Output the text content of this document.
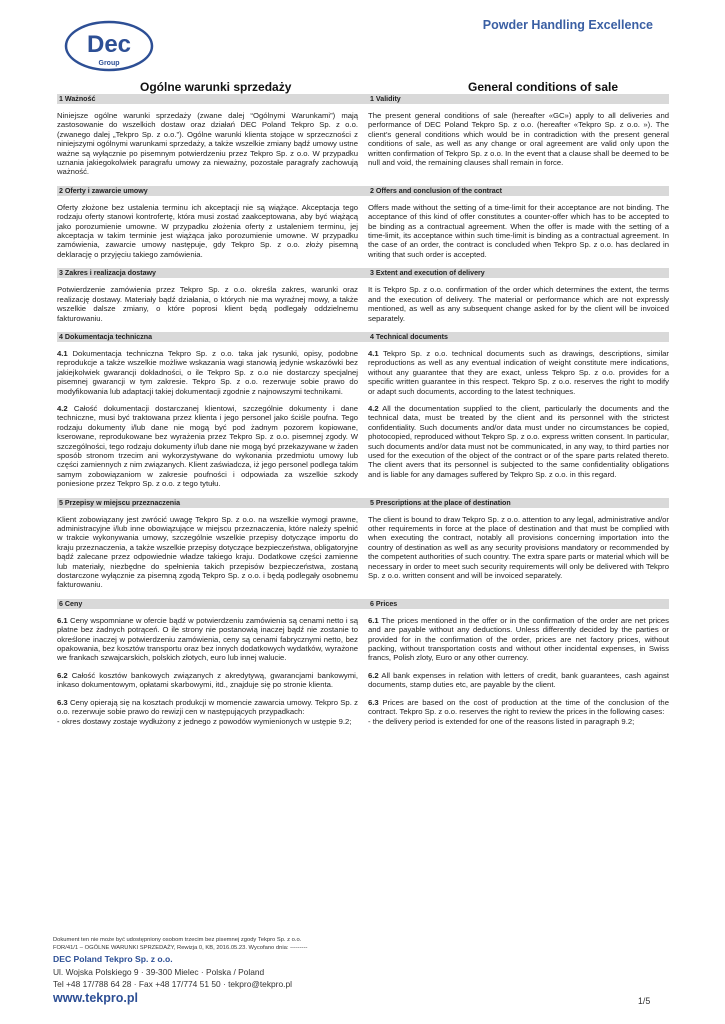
Dec
Group
Powder Handling Excellence
Ogólne warunki sprzedaży	General conditions of sale
1 Ważność	1 Validity

Niniejsze ogólne warunki sprzedaży (zwane dalej “Ogólnymi Warunkami”) mają zastosowanie do wszelkich dostaw oraz działań DEC Poland Tekpro Sp. z o.o. (zwanego dalej „Tekpro Sp. z o.o.”). Ogólne warunki klienta stojące w sprzeczności z niniejszymi ogólnymi warunkami sprzedaży, a także wszelkie zmiany bądź umowy ustne ważne są wyłącznie po pisemnym potwierdzeniu przez Tekpro Sp. z o.o. W przypadku uznania jakiegokolwiek paragrafu umowy za nieważny, pozostałe paragrafy zachowują ważność.

The present general conditions of sale (hereafter «GC») apply to all deliveries and performance of DEC Poland Tekpro Sp. z o.o. (hereafter «Tekpro Sp. z o.o. »). The client's general conditions which would be in contradiction with the present general conditions of sale, as well as any change or oral agreement are valid only upon the written confirmation of Tekpro Sp. z o.o. In the event that a clause shall be deemed to be null and void, the remaining clauses shall remain in force.

2 Oferty i zawarcie umowy	2 Offers and conclusion of the contract

Oferty złożone bez ustalenia terminu ich akceptacji nie są wiążące. Akceptacja tego rodzaju oferty stanowi kontrofertę, która musi zostać zaakceptowana, aby być wiążącą jako porozumienie umowne. W przypadku złożenia oferty z ustaleniem terminu, jej akceptacja w takim terminie jest wiążąca jako porozumienie umowne. W przypadku zamówienia, zawarcie umowy następuje, gdy Tekpro Sp. z o.o. złoży pisemną deklarację o przyjęciu takiego zamówienia.

Offers made without the setting of a time-limit for their acceptance are not binding. The acceptance of this kind of offer constitutes a counter-offer which has to be accepted to be binding as a contractual agreement. When the offer is made with the setting of a time-limit, its acceptance within such time-limit is binding as a contractual agreement. In the case of an order, the contract is concluded when Tekpro Sp. z o.o. has declared in writing that such order is accepted.

3 Zakres i realizacja dostawy	3 Extent and execution of delivery

Potwierdzenie zamówienia przez Tekpro Sp. z o.o. określa zakres, warunki oraz realizację dostawy. Materiały bądź działania, o których nie ma wyraźnej mowy, a także wszelkie dalsze zmiany, o które poprosi klient będą podlegały oddzielnemu fakturowaniu.

It is Tekpro Sp. z o.o. confirmation of the order which determines the extent, the terms and the execution of delivery. The material or performance which are not expressly mentioned, as well as any subsequent change asked for by the client will be invoiced separately.

4 Dokumentacja techniczna	4 Technical documents

4.1 Dokumentacja techniczna Tekpro Sp. z o.o. taka jak rysunki, opisy, podobne reprodukcje a także wszelkie możliwe wskazania wagi stanowią jedynie wskazówki bez jakiejkolwiek gwarancji dokładności, o ile Tekpro Sp. z o.o nie dostarczy specjalnej pisemnej gwarancji w tym zakresie. Tekpro Sp. z o.o. rezerwuje sobie prawo do modyfikowania lub adaptacji takiej dokumentacji zgodnie z najnowszymi technikami.

4.2 Całość dokumentacji dostarczanej klientowi, szczególnie dokumenty i dane techniczne, musi być traktowana przez klienta i jego personel jako ściśle poufna. Tego rodzaju dokumenty i/lub dane nie mogą być pod żadnym pozorem kopiowane, kserowane, reprodukowane bez wyrażenia przez Tekpro Sp. z o.o. pisemnej zgody. W szczególności, tego rodzaju dokumenty i/lub dane nie mogą być przekazywane w żaden sposób stronom trzecim ani wykorzystywane do wykonania przedmiotu umowy lub części zamiennych z nim związanych. Klient zaświadcza, iż jego personel podlega takim samym zobowiązaniom w zakresie poufności i odpowiada za wszelkie szkody poniesione przez Tekpro Sp. z o.o. z tego tytułu.

4.1 Tekpro Sp. z o.o. technical documents such as drawings, descriptions, similar reproductions as well as any eventual indication of weight constitute mere indications, without any guarantee that they are exact, unless Tekpro Sp. z o.o. provides for a specific written guarantee in this respect. Tekpro Sp. z o.o. reserves the right to modify or adapt such documents, according to the latest techniques.

4.2 All the documentation supplied to the client, particularly the documents and the technical data, must be treated by the client and its personnel with the strictest confidentiality. Such documents and/or data must under no circumstances be copied, photocopied, reproduced without Tekpro Sp. z o.o. express written consent. In particular, such documents and/or data must not be communicated, in any way, to third parties nor used for the execution of the object of the contract or of the spare parts related thereto. The client avers that its personnel is subjected to the same confidentiality obligations and is liable for any damages suffered by Tekpro Sp. z o.o. in this regard.

5 Przepisy w miejscu przeznaczenia	5 Prescriptions at the place of destination

Klient zobowiązany jest zwrócić uwagę Tekpro Sp. z o.o. na wszelkie wymogi prawne, administracyjne i/lub inne obowiązujące w miejscu przeznaczenia, które należy spełnić w trakcie wykonywania umowy, szczególnie wszelkie przepisy dotyczące importu do kraju przeznaczenia, a także wszelkie przepisy dotyczące bezpieczeństwa, obligatoryjne bądź zalecane przez odpowiednie władze takiego kraju. Dodatkowe części zamienne lub materiały, niezbędne do spełnienia takich przepisów bezpieczeństwa, zostaną dostarczone wyłącznie za pisemną zgodą Tekpro Sp. z o.o. i będą podlegały osobnemu fakturowaniu.

The client is bound to draw Tekpro Sp. z o.o. attention to any legal, administrative and/or other requirements in force at the place of destination and that must be complied with when executing the contract, notably all provisions concerning importation into the country of destination as well as any security provisions mandatory or recommended by the competent authorities of such country. The extra spare parts or material which will be necessary in order to meet such security requirements will only be delivered with Tekpro Sp. z o.o. written consent and will be invoiced separately.

6 Ceny	6 Prices

6.1 Ceny wspomniane w ofercie bądź w potwierdzeniu zamówienia są cenami netto i są płatne bez żadnych potrąceń. O ile strony nie postanowią inaczej bądź nie zostanie to określone inaczej w potwierdzeniu zamówienia, ceny są cenami fabrycznymi netto, bez opakowania, bez kosztów transportu oraz bez innych dodatkowych wydatków, wyrażone we frankach szwajcarskich, polskich złotych, euro lub innej walucie.

6.2 Całość kosztów bankowych związanych z akredytywą, gwarancjami bankowymi, inkaso dokumentowym, opłatami skarbowymi, itd., znajduje się po stronie klienta.

6.3 Ceny opierają się na kosztach produkcji w momencie zawarcia umowy. Tekpro Sp. z o.o. rezerwuje sobie prawo do rewizji cen w następujących przypadkach:
- okres dostawy zostaje wydłużony z jednego z powodów wymienionych w ustępie 9.2;

6.1 The prices mentioned in the offer or in the confirmation of the order are net prices and are payable without any deductions. Unless differently decided by the parties or provided for in the confirmation of the order, prices are net factory prices, without packing, without transportation costs and without other incidental expenses, in Swiss francs, Polish zloty, Euro or any other currency.

6.2 All bank expenses in relation with letters of credit, bank guarantees, cash against documents, stamp duties etc, are payable by the client.

6.3 Prices are based on the cost of production at the time of the conclusion of the contract. Tekpro Sp. z o.o. reserves the right to review the prices in the following cases:
- the delivery period is extended for one of the reasons listed in paragraph 9.2;

Dokument ten nie może być udostępniony osobom trzecim bez pisemnej zgody Tekpro Sp. z o.o.
FOR/41/1 – OGÓLNE WARUNKI SPRZEDAŻY, Rewizja 0, KB, 2016.05.23. Wycofano dnia: ---------
DEC Poland Tekpro Sp. z o.o.
Ul. Wojska Polskiego 9 · 39-300 Mielec · Polska / Poland
Tel +48 17/788 64 28 · Fax +48 17/774 51 50 · tekpro@tekpro.pl
www.tekpro.pl	1/5
